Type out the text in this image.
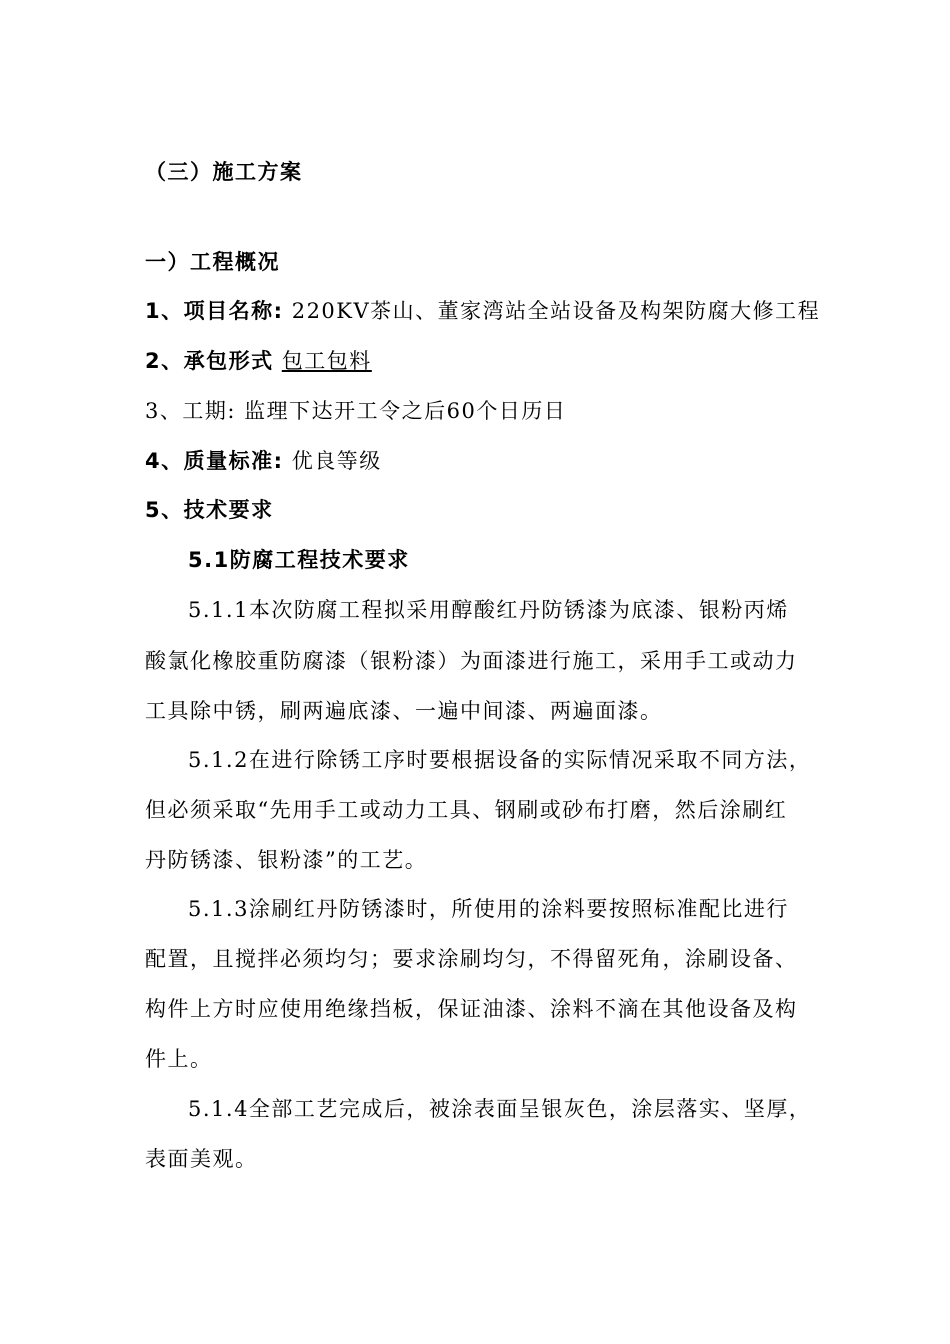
（三）施工方案
一）工程概况
1、项目名称: 220KV茶山、董家湾站全站设备及构架防腐大修工程
2、承包形式 包工包料
3、工期: 监理下达开工令之后60个日历日
4、质量标准: 优良等级
5、技术要求
5.1防腐工程技术要求
5.1.1本次防腐工程拟采用醇酸红丹防锈漆为底漆、银粉丙烯
酸氯化橡胶重防腐漆（银粉漆）为面漆进行施工，采用手工或动力
工具除中锈，刷两遍底漆、一遍中间漆、两遍面漆。
5.1.2在进行除锈工序时要根据设备的实际情况采取不同方法，
但必须采取“先用手工或动力工具、钢刷或砂布打磨，然后涂刷红
丹防锈漆、银粉漆”的工艺。
5.1.3涂刷红丹防锈漆时，所使用的涂料要按照标准配比进行
配置，且搅拌必须均匀；要求涂刷均匀，不得留死角，涂刷设备、
构件上方时应使用绝缘挡板，保证油漆、涂料不滴在其他设备及构
件上。
5.1.4全部工艺完成后，被涂表面呈银灰色，涂层落实、坚厚，
表面美观。
